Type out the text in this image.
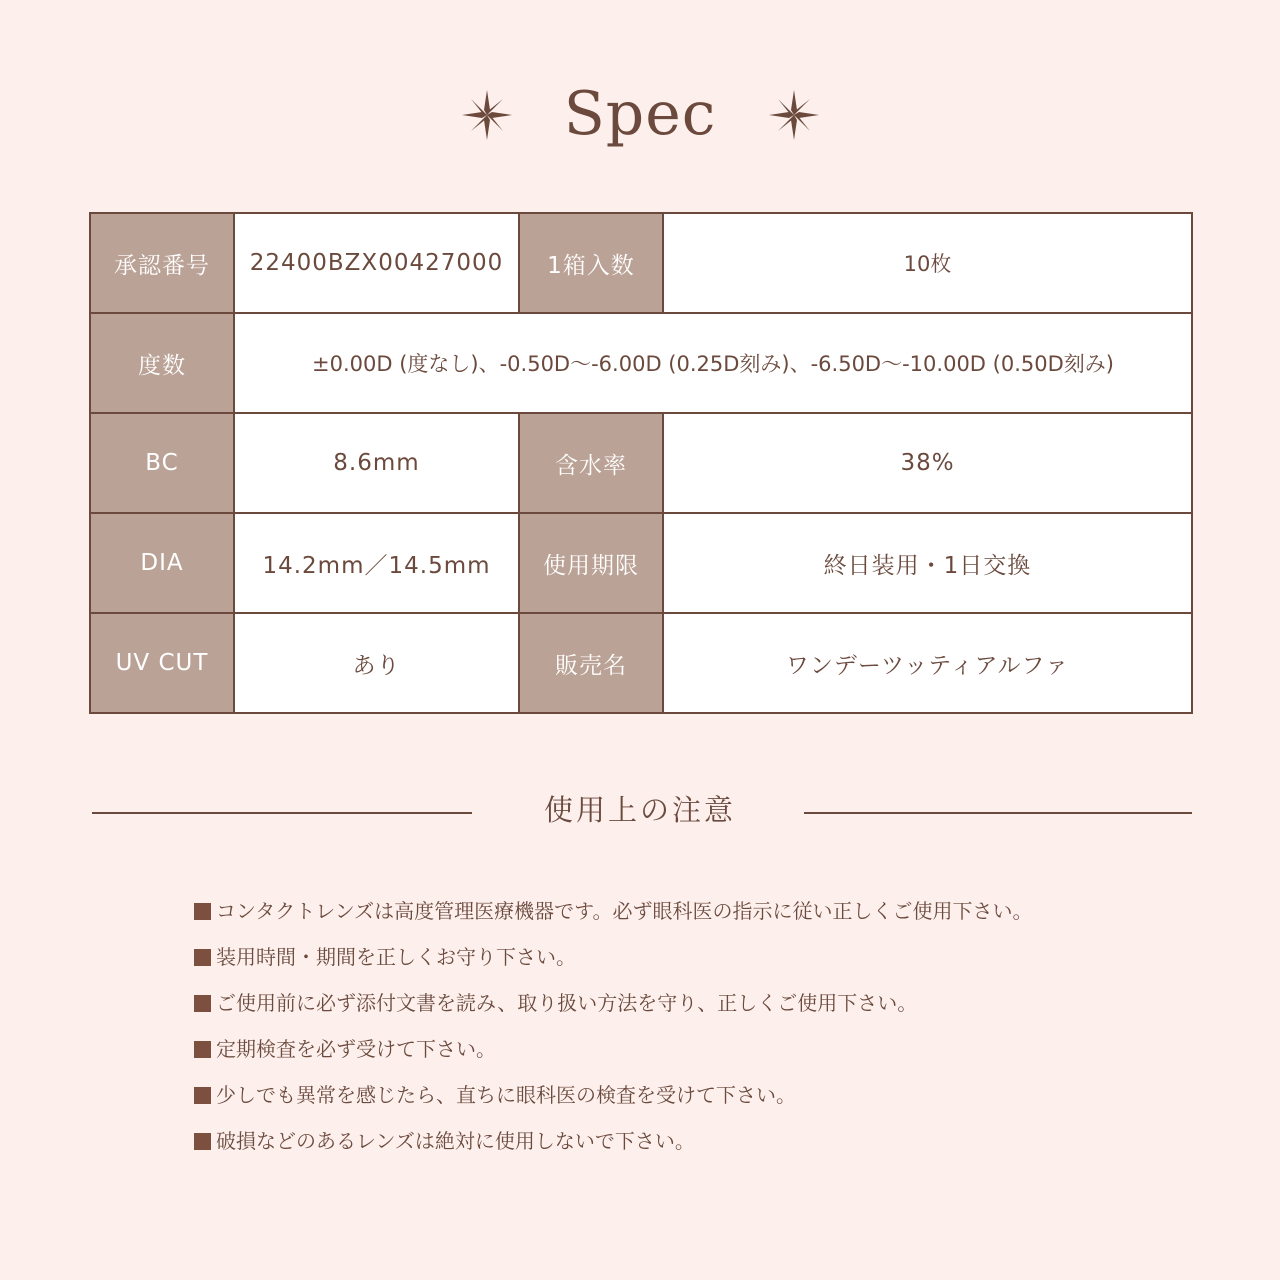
Spec
承認番号	22400BZX00427000	1箱入数	10枚
度数	±0.00D (度なし)、-0.50D〜-6.00D (0.25D刻み)、-6.50D〜-10.00D (0.50D刻み)		
BC	8.6mm	含水率	38%
DIA	14.2mm／14.5mm	使用期限	終日装用・1日交換
UV CUT	あり	販売名	ワンデーツッティアルファ
使用上の注意
コンタクトレンズは高度管理医療機器です。必ず眼科医の指示に従い正しくご使用下さい。
装用時間・期間を正しくお守り下さい。
ご使用前に必ず添付文書を読み、取り扱い方法を守り、正しくご使用下さい。
定期検査を必ず受けて下さい。
少しでも異常を感じたら、直ちに眼科医の検査を受けて下さい。
破損などのあるレンズは絶対に使用しないで下さい。
